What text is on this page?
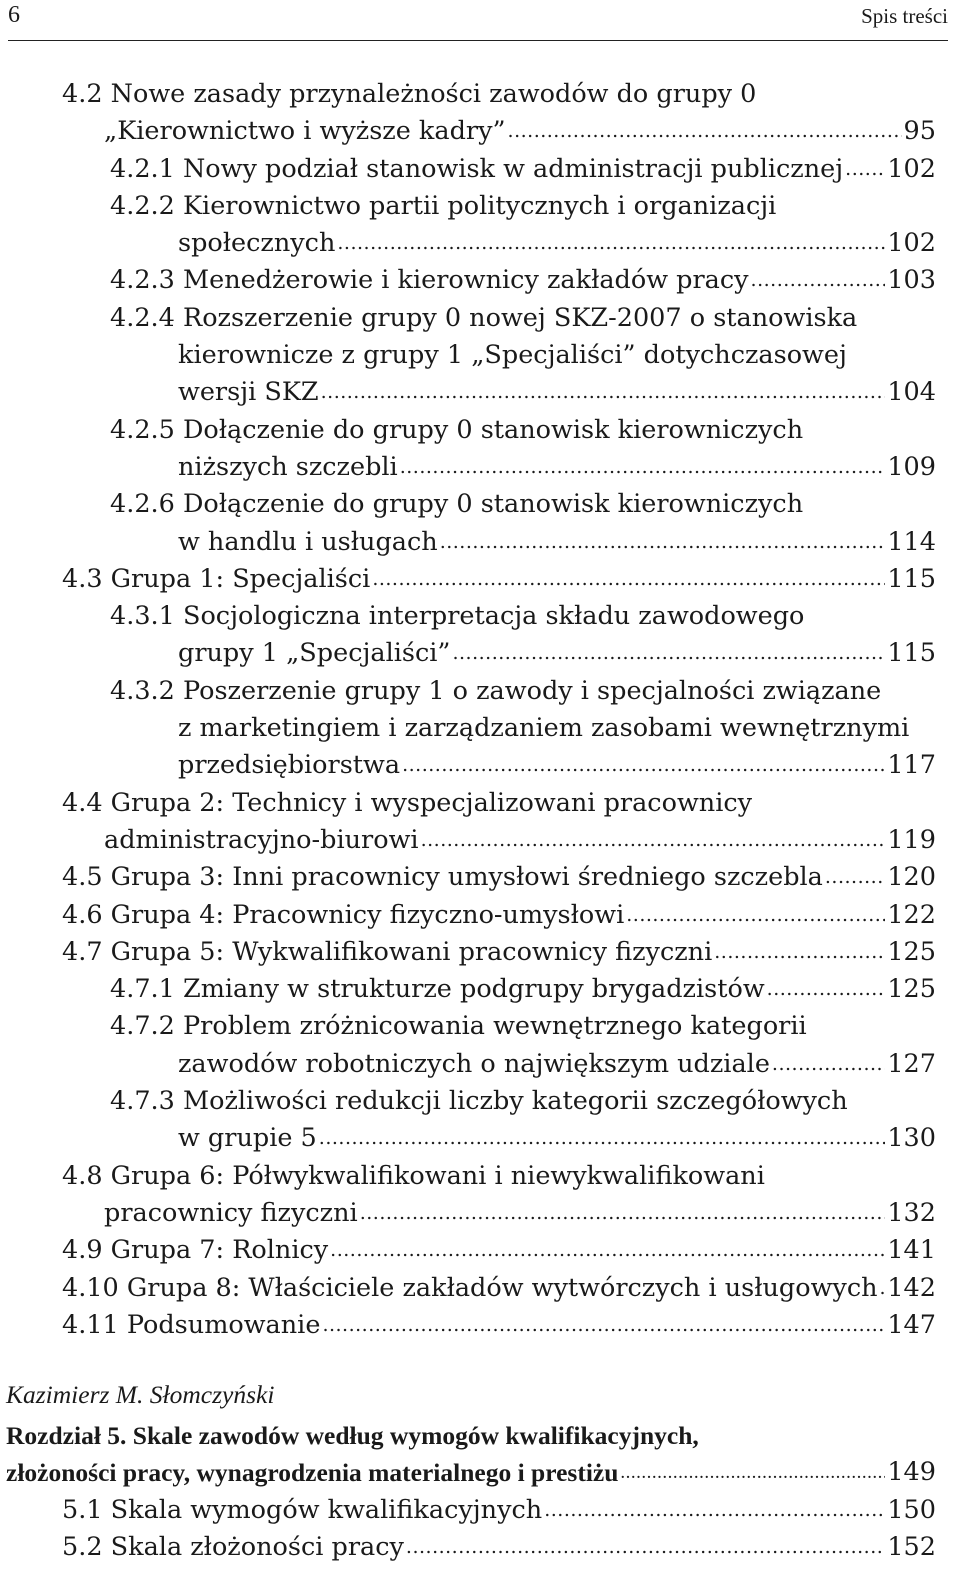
6	Spis treści
4.2 Nowe zasady przynależności zawodów do grupy 0
„Kierownictwo i wyższe kadry” .....	95
4.2.1 Nowy podział stanowisk w administracji publicznej ..... 102
4.2.2 Kierownictwo partii politycznych i organizacji
społecznych .....	102
4.2.3 Menedżerowie i kierownicy zakładów pracy .....	103
4.2.4 Rozszerzenie grupy 0 nowej SKZ-2007 o stanowiska
kierownicze z grupy 1 „Specjaliści” dotychczasowej
wersji SKZ .....	104
4.2.5 Dołączenie do grupy 0 stanowisk kierowniczych
niższych szczebli .....	109
4.2.6 Dołączenie do grupy 0 stanowisk kierowniczych
w handlu i usługach .....	114
4.3 Grupa 1: Specjaliści .....	115
4.3.1 Socjologiczna interpretacja składu zawodowego
grupy 1 „Specjaliści” .....	115
4.3.2 Poszerzenie grupy 1 o zawody i specjalności związane
z marketingiem i zarządzaniem zasobami wewnętrznymi
przedsiębiorstwa .....	117
4.4 Grupa 2: Technicy i wyspecjalizowani pracownicy
administracyjno-biurowi .....	119
4.5 Grupa 3: Inni pracownicy umysłowi średniego szczebla .....	120
4.6 Grupa 4: Pracownicy fizyczno-umysłowi .....	122
4.7 Grupa 5: Wykwalifikowani pracownicy fizyczni .....	125
4.7.1 Zmiany w strukturze podgrupy brygadzistów .....	125
4.7.2 Problem zróżnicowania wewnętrznego kategorii
zawodów robotniczych o największym udziale .....	127
4.7.3 Możliwości redukcji liczby kategorii szczegółowych
w grupie 5 .....	130
4.8 Grupa 6: Półwykwalifikowani i niewykwalifikowani
pracownicy fizyczni .....	132
4.9 Grupa 7: Rolnicy .....	141
4.10 Grupa 8: Właściciele zakładów wytwórczych i usługowych ..... 142
4.11 Podsumowanie .....	147
Kazimierz M. Słomczyński
Rozdział 5. Skale zawodów według wymogów kwalifikacyjnych,
złożoności pracy, wynagrodzenia materialnego i prestiżu .....	149
5.1 Skala wymogów kwalifikacyjnych .....	150
5.2 Skala złożoności pracy .....	152
